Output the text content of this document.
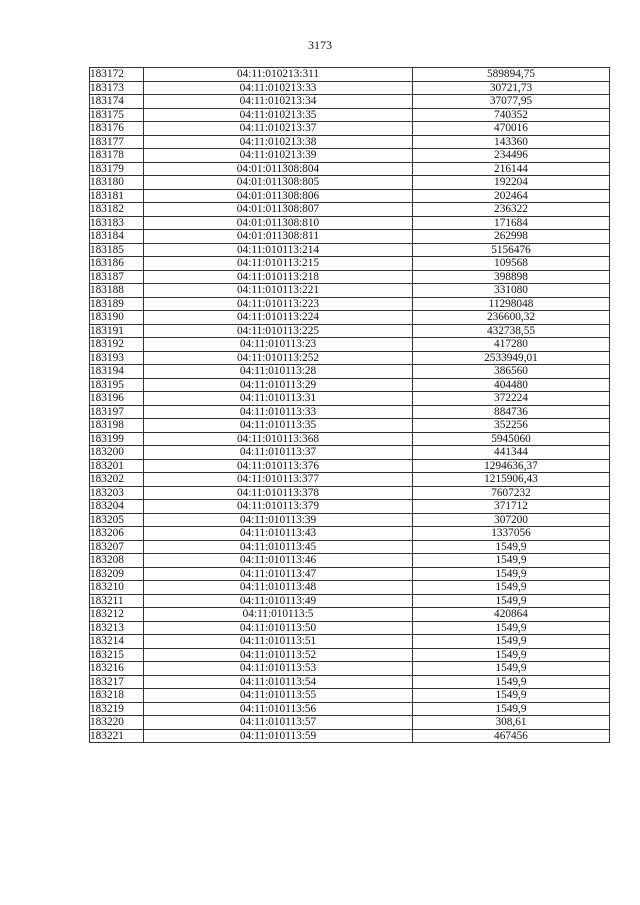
3173
183172	04:11:010213:311	589894,75
183173	04:11:010213:33	30721,73
183174	04:11:010213:34	37077,95
183175	04:11:010213:35	740352
183176	04:11:010213:37	470016
183177	04:11:010213:38	143360
183178	04:11:010213:39	234496
183179	04:01:011308:804	216144
183180	04:01:011308:805	192204
183181	04:01:011308:806	202464
183182	04:01:011308:807	236322
183183	04:01:011308:810	171684
183184	04:01:011308:811	262998
183185	04:11:010113:214	5156476
183186	04:11:010113:215	109568
183187	04:11:010113:218	398898
183188	04:11:010113:221	331080
183189	04:11:010113:223	11298048
183190	04:11:010113:224	236600,32
183191	04:11:010113:225	432738,55
183192	04:11:010113:23	417280
183193	04:11:010113:252	2533949,01
183194	04:11:010113:28	386560
183195	04:11:010113:29	404480
183196	04:11:010113:31	372224
183197	04:11:010113:33	884736
183198	04:11:010113:35	352256
183199	04:11:010113:368	5945060
183200	04:11:010113:37	441344
183201	04:11:010113:376	1294636,37
183202	04:11:010113:377	1215906,43
183203	04:11:010113:378	7607232
183204	04:11:010113:379	371712
183205	04:11:010113:39	307200
183206	04:11:010113:43	1337056
183207	04:11:010113:45	1549,9
183208	04:11:010113:46	1549,9
183209	04:11:010113:47	1549,9
183210	04:11:010113:48	1549,9
183211	04:11:010113:49	1549,9
183212	04:11:010113:5	420864
183213	04:11:010113:50	1549,9
183214	04:11:010113:51	1549,9
183215	04:11:010113:52	1549,9
183216	04:11:010113:53	1549,9
183217	04:11:010113:54	1549,9
183218	04:11:010113:55	1549,9
183219	04:11:010113:56	1549,9
183220	04:11:010113:57	308,61
183221	04:11:010113:59	467456
